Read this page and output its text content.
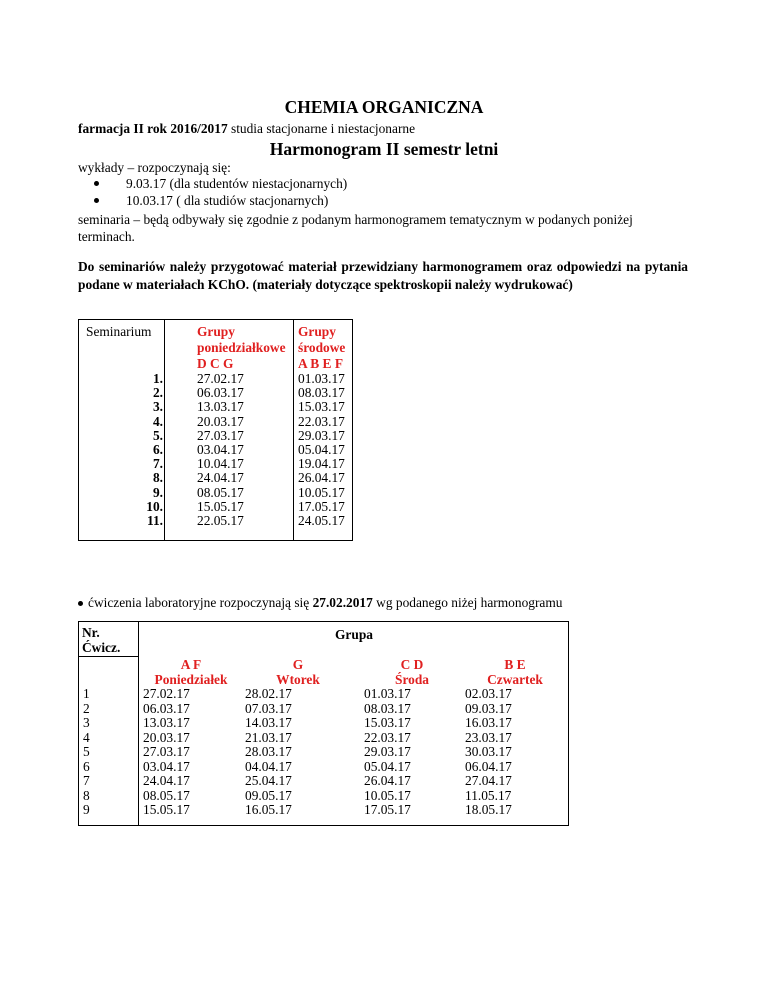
CHEMIA ORGANICZNA
farmacja II rok 2016/2017 studia stacjonarne i niestacjonarne
Harmonogram II semestr letni
wykłady – rozpoczynają się:
9.03.17 (dla studentów niestacjonarnych)
10.03.17 ( dla studiów stacjonarnych)
seminaria – będą odbywały się zgodnie z podanym harmonogramem tematycznym w podanych poniżej terminach.
Do seminariów należy przygotować materiał przewidziany harmonogramem oraz odpowiedzi na pytania podane w materiałach KChO. (materiały dotyczące spektroskopii należy wydrukować)
Seminarium
1.
2.
3.
4.
5.
6.
7.
8.
9.
10.
11.
Grupy
poniedziałkowe
D C G
27.02.17
06.03.17
13.03.17
20.03.17
27.03.17
03.04.17
10.04.17
24.04.17
08.05.17
15.05.17
22.05.17
Grupy
środowe
A B E F
01.03.17
08.03.17
15.03.17
22.03.17
29.03.17
05.04.17
19.04.17
26.04.17
10.05.17
17.05.17
24.05.17
ćwiczenia laboratoryjne rozpoczynają się 27.02.2017 wg podanego niżej harmonogramu
Nr.
Ćwicz.
Grupa
1
2
3
4
5
6
7
8
9
A F
Poniedziałek
27.02.17
06.03.17
13.03.17
20.03.17
27.03.17
03.04.17
24.04.17
08.05.17
15.05.17
G
Wtorek
28.02.17
07.03.17
14.03.17
21.03.17
28.03.17
04.04.17
25.04.17
09.05.17
16.05.17
C D
Środa
01.03.17
08.03.17
15.03.17
22.03.17
29.03.17
05.04.17
26.04.17
10.05.17
17.05.17
B E
Czwartek
02.03.17
09.03.17
16.03.17
23.03.17
30.03.17
06.04.17
27.04.17
11.05.17
18.05.17
